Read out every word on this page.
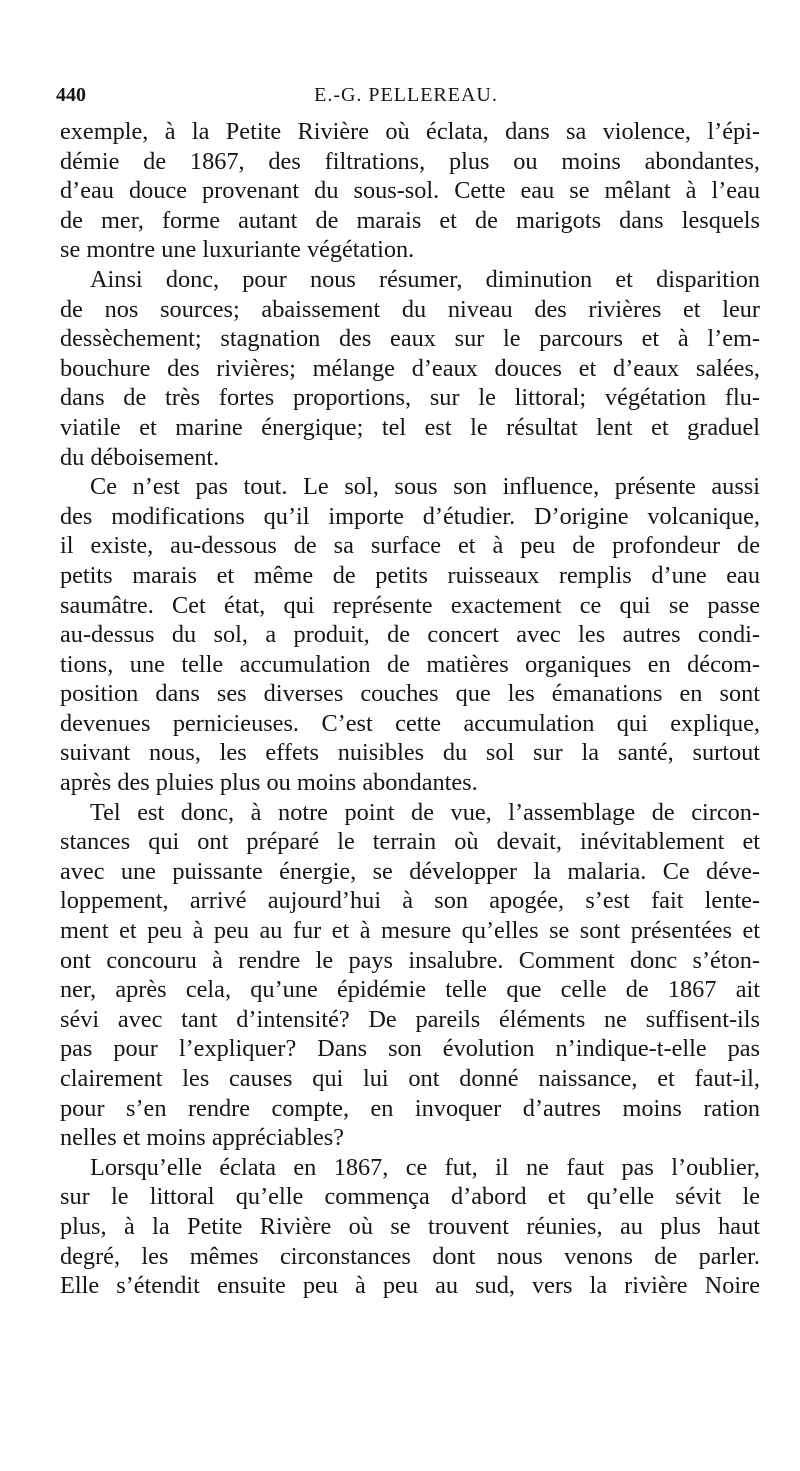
440	E.-G. PELLEREAU.
exemple, à la Petite Rivière où éclata, dans sa violence, l’épi-
démie de 1867, des filtrations, plus ou moins abondantes,
d’eau douce provenant du sous-sol. Cette eau se mêlant à l’eau
de mer, forme autant de marais et de marigots dans lesquels
se montre une luxuriante végétation.
Ainsi donc, pour nous résumer, diminution et disparition
de nos sources; abaissement du niveau des rivières et leur
dessèchement; stagnation des eaux sur le parcours et à l’em-
bouchure des rivières; mélange d’eaux douces et d’eaux salées,
dans de très fortes proportions, sur le littoral; végétation flu-
viatile et marine énergique; tel est le résultat lent et graduel
du déboisement.
Ce n’est pas tout. Le sol, sous son influence, présente aussi
des modifications qu’il importe d’étudier. D’origine volcanique,
il existe, au-dessous de sa surface et à peu de profondeur de
petits marais et même de petits ruisseaux remplis d’une eau
saumâtre. Cet état, qui représente exactement ce qui se passe
au-dessus du sol, a produit, de concert avec les autres condi-
tions, une telle accumulation de matières organiques en décom-
position dans ses diverses couches que les émanations en sont
devenues pernicieuses. C’est cette accumulation qui explique,
suivant nous, les effets nuisibles du sol sur la santé, surtout
après des pluies plus ou moins abondantes.
Tel est donc, à notre point de vue, l’assemblage de circon-
stances qui ont préparé le terrain où devait, inévitablement et
avec une puissante énergie, se développer la malaria. Ce déve-
loppement, arrivé aujourd’hui à son apogée, s’est fait lente-
ment et peu à peu au fur et à mesure qu’elles se sont présentées et
ont concouru à rendre le pays insalubre. Comment donc s’éton-
ner, après cela, qu’une épidémie telle que celle de 1867 ait
sévi avec tant d’intensité? De pareils éléments ne suffisent-ils
pas pour l’expliquer? Dans son évolution n’indique-t-elle pas
clairement les causes qui lui ont donné naissance, et faut-il,
pour s’en rendre compte, en invoquer d’autres moins ration
nelles et moins appréciables?
Lorsqu’elle éclata en 1867, ce fut, il ne faut pas l’oublier,
sur le littoral qu’elle commença d’abord et qu’elle sévit le
plus, à la Petite Rivière où se trouvent réunies, au plus haut
degré, les mêmes circonstances dont nous venons de parler.
Elle s’étendit ensuite peu à peu au sud, vers la rivière Noire
